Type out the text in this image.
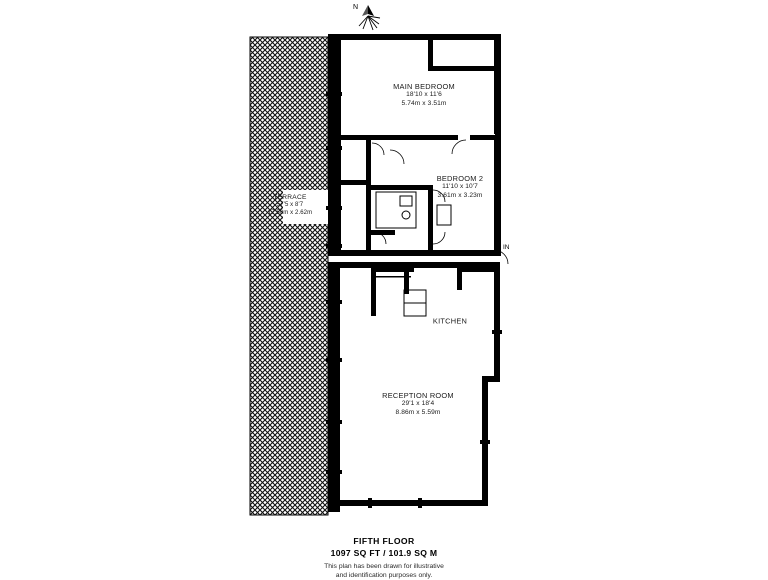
N
IN
MAIN BEDROOM
18'10 x 11'6
5.74m x 3.51m
BEDROOM 2
11'10 x 10'7
3.61m x 3.23m
TERRACE
57'5 x 8'7
17.50m x 2.62m
KITCHEN
RECEPTION ROOM
29'1 x 18'4
8.86m x 5.59m
FIFTH FLOOR
1097 SQ FT / 101.9 SQ M
This plan has been drawn for illustrative
and identification purposes only.
